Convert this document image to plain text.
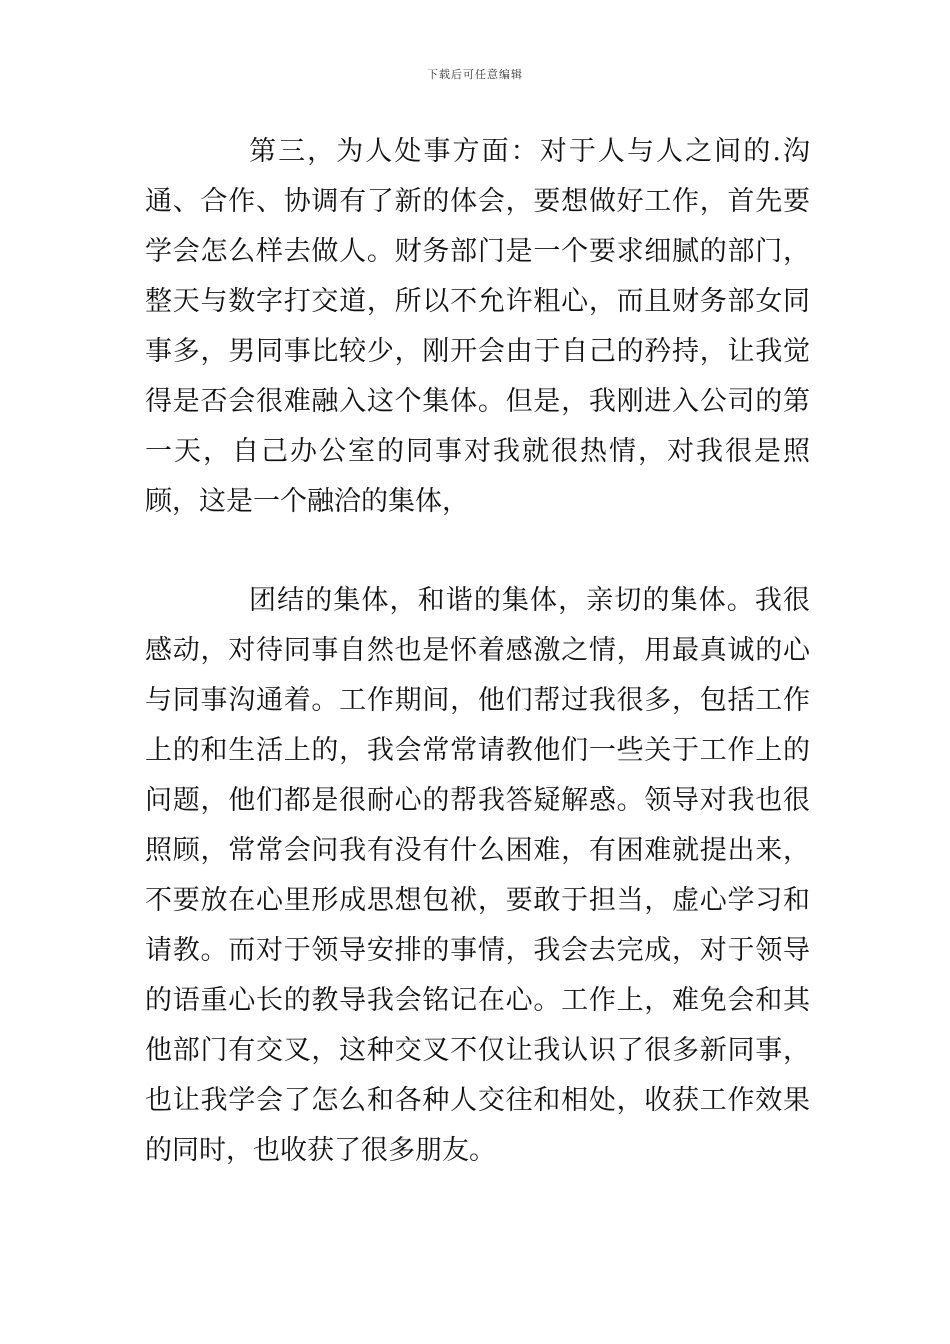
下载后可任意编辑

第三，为人处事方面：对于人与人之间的.沟通、合作、协调有了新的体会，要想做好工作，首先要学会怎么样去做人。财务部门是一个要求细腻的部门，整天与数字打交道，所以不允许粗心，而且财务部女同事多，男同事比较少，刚开会由于自己的矜持，让我觉得是否会很难融入这个集体。但是，我刚进入公司的第一天，自己办公室的同事对我就很热情，对我很是照顾，这是一个融洽的集体，

团结的集体，和谐的集体，亲切的集体。我很感动，对待同事自然也是怀着感激之情，用最真诚的心与同事沟通着。工作期间，他们帮过我很多，包括工作上的和生活上的，我会常常请教他们一些关于工作上的问题，他们都是很耐心的帮我答疑解惑。领导对我也很照顾，常常会问我有没有什么困难，有困难就提出来，不要放在心里形成思想包袱，要敢于担当，虚心学习和请教。而对于领导安排的事情，我会去完成，对于领导的语重心长的教导我会铭记在心。工作上，难免会和其他部门有交叉，这种交叉不仅让我认识了很多新同事，也让我学会了怎么和各种人交往和相处，收获工作效果的同时，也收获了很多朋友。
